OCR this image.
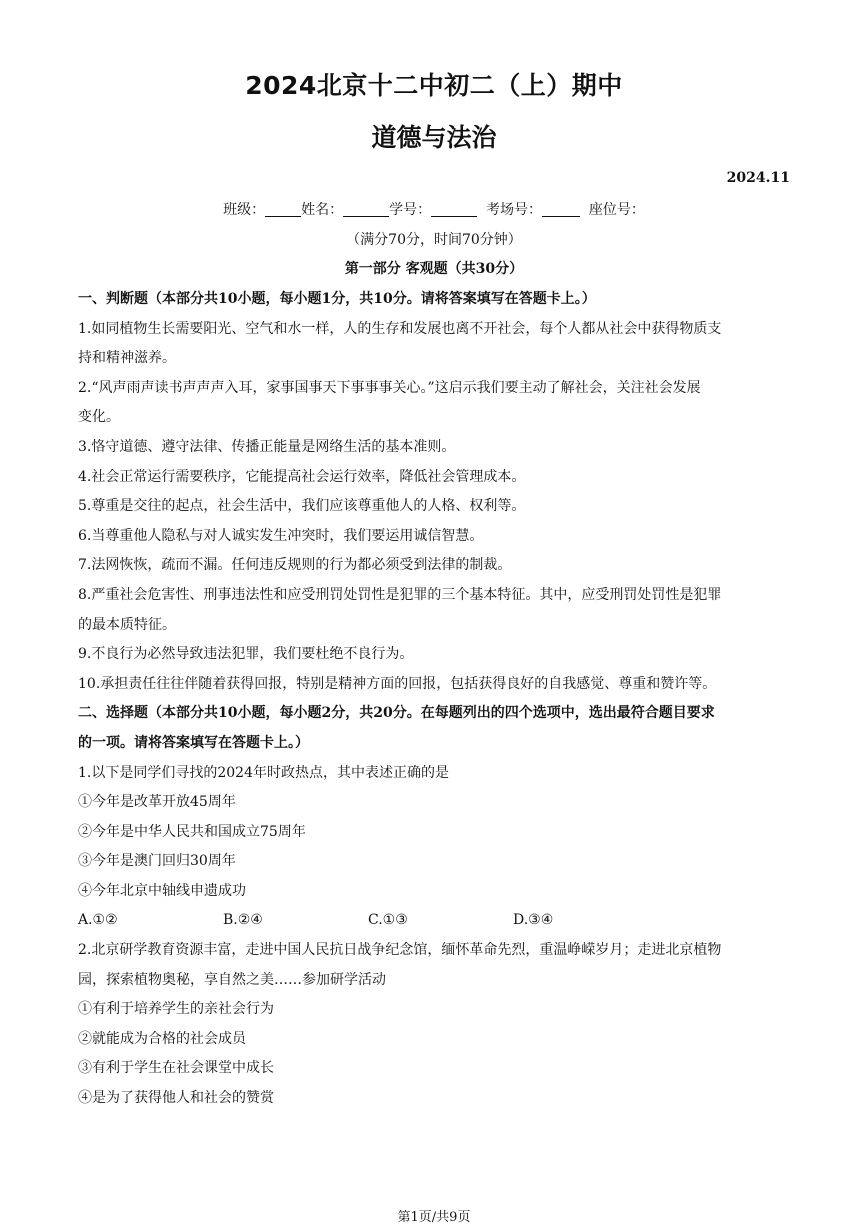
2024北京十二中初二（上）期中
道德与法治
2024.11
班级：	姓名：	学号：	考场号：	座位号：
（满分70分，时间70分钟）
第一部分 客观题（共30分）

一、判断题（本部分共10小题，每小题1分，共10分。请将答案填写在答题卡上。）

1.如同植物生长需要阳光、空气和水一样，人的生存和发展也离不开社会，每个人都从社会中获得物质支

持和精神滋养。

2.“风声雨声读书声声声入耳，家事国事天下事事事关心。”这启示我们要主动了解社会，关注社会发展

变化。

3.恪守道德、遵守法律、传播正能量是网络生活的基本准则。

4.社会正常运行需要秩序，它能提高社会运行效率，降低社会管理成本。

5.尊重是交往的起点，社会生活中，我们应该尊重他人的人格、权利等。

6.当尊重他人隐私与对人诚实发生冲突时，我们要运用诚信智慧。

7.法网恢恢，疏而不漏。任何违反规则的行为都必须受到法律的制裁。

8.严重社会危害性、刑事违法性和应受刑罚处罚性是犯罪的三个基本特征。其中，应受刑罚处罚性是犯罪

的最本质特征。

9.不良行为必然导致违法犯罪，我们要杜绝不良行为。

10.承担责任往往伴随着获得回报，特别是精神方面的回报，包括获得良好的自我感觉、尊重和赞许等。

二、选择题（本部分共10小题，每小题2分，共20分。在每题列出的四个选项中，选出最符合题目要求

的一项。请将答案填写在答题卡上。）

1.以下是同学们寻找的2024年时政热点，其中表述正确的是

①今年是改革开放45周年

②今年是中华人民共和国成立75周年

③今年是澳门回归30周年

④今年北京中轴线申遗成功

A.①②	B.②④	C.①③	D.③④

2.北京研学教育资源丰富，走进中国人民抗日战争纪念馆，缅怀革命先烈，重温峥嵘岁月；走进北京植物

园，探索植物奥秘，享自然之美……参加研学活动

①有利于培养学生的亲社会行为

②就能成为合格的社会成员

③有利于学生在社会课堂中成长

④是为了获得他人和社会的赞赏

第1页/共9页
